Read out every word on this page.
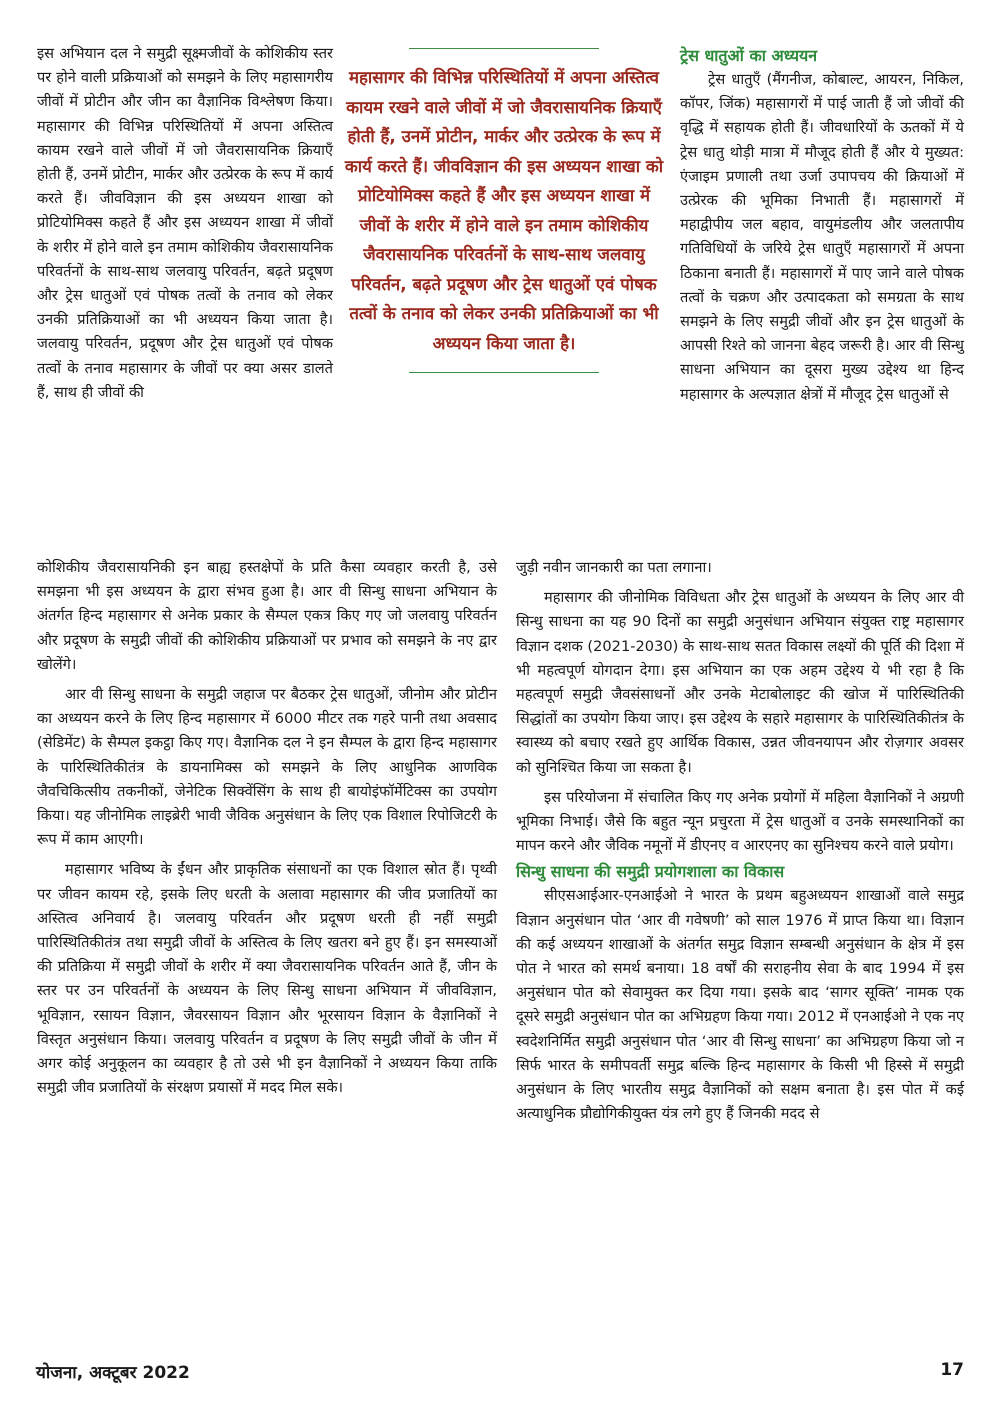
इस अभियान दल ने समुद्री सूक्ष्मजीवों के कोशिकीय स्तर पर होने वाली प्रक्रियाओं को समझने के लिए महासागरीय जीवों में प्रोटीन और जीन का वैज्ञानिक विश्लेषण किया। महासागर की विभिन्न परिस्थितियों में अपना अस्तित्व कायम रखने वाले जीवों में जो जैवरासायनिक क्रियाएँ होती हैं, उनमें प्रोटीन, मार्कर और उत्प्रेरक के रूप में कार्य करते हैं। जीवविज्ञान की इस अध्ययन शाखा को प्रोटियोमिक्स कहते हैं और इस अध्ययन शाखा में जीवों के शरीर में होने वाले इन तमाम कोशिकीय जैवरासायनिक परिवर्तनों के साथ-साथ जलवायु परिवर्तन, बढ़ते प्रदूषण और ट्रेस धातुओं एवं पोषक तत्वों के तनाव को लेकर उनकी प्रतिक्रियाओं का भी अध्ययन किया जाता है। जलवायु परिवर्तन, प्रदूषण और ट्रेस धातुओं एवं पोषक तत्वों के तनाव महासागर के जीवों पर क्या असर डालते हैं, साथ ही जीवों की

महासागर की विभिन्न परिस्थितियों में अपना अस्तित्व कायम रखने वाले जीवों में जो जैवरासायनिक क्रियाएँ होती हैं, उनमें प्रोटीन, मार्कर और उत्प्रेरक के रूप में कार्य करते हैं। जीवविज्ञान की इस अध्ययन शाखा को प्रोटियोमिक्स कहते हैं और इस अध्ययन शाखा में जीवों के शरीर में होने वाले इन तमाम कोशिकीय जैवरासायनिक परिवर्तनों के साथ-साथ जलवायु परिवर्तन, बढ़ते प्रदूषण और ट्रेस धातुओं एवं पोषक तत्वों के तनाव को लेकर उनकी प्रतिक्रियाओं का भी अध्ययन किया जाता है।

ट्रेस धातुओं का अध्ययन

ट्रेस धातुएँ (मैंगनीज, कोबाल्ट, आयरन, निकिल, कॉपर, जिंक) महासागरों में पाई जाती हैं जो जीवों की वृद्धि में सहायक होती हैं। जीवधारियों के ऊतकों में ये ट्रेस धातु थोड़ी मात्रा में मौजूद होती हैं और ये मुख्यत: एंजाइम प्रणाली तथा उर्जा उपापचय की क्रियाओं में उत्प्रेरक की भूमिका निभाती हैं। महासागरों में महाद्वीपीय जल बहाव, वायुमंडलीय और जलतापीय गतिविधियों के जरिये ट्रेस धातुएँ महासागरों में अपना ठिकाना बनाती हैं। महासागरों में पाए जाने वाले पोषक तत्वों के चक्रण और उत्पादकता को समग्रता के साथ समझने के लिए समुद्री जीवों और इन ट्रेस धातुओं के आपसी रिश्ते को जानना बेहद जरूरी है। आर वी सिन्धु साधना अभियान का दूसरा मुख्य उद्देश्य था हिन्द महासागर के अल्पज्ञात क्षेत्रों में मौजूद ट्रेस धातुओं से

कोशिकीय जैवरासायनिकी इन बाह्य हस्तक्षेपों के प्रति कैसा व्यवहार करती है, उसे समझना भी इस अध्ययन के द्वारा संभव हुआ है। आर वी सिन्धु साधना अभियान के अंतर्गत हिन्द महासागर से अनेक प्रकार के सैम्पल एकत्र किए गए जो जलवायु परिवर्तन और प्रदूषण के समुद्री जीवों की कोशिकीय प्रक्रियाओं पर प्रभाव को समझने के नए द्वार खोलेंगे।

आर वी सिन्धु साधना के समुद्री जहाज पर बैठकर ट्रेस धातुओं, जीनोम और प्रोटीन का अध्ययन करने के लिए हिन्द महासागर में 6000 मीटर तक गहरे पानी तथा अवसाद (सेडिमेंट) के सैम्पल इकट्ठा किए गए। वैज्ञानिक दल ने इन सैम्पल के द्वारा हिन्द महासागर के पारिस्थितिकीतंत्र के डायनामिक्स को समझने के लिए आधुनिक आणविक जैवचिकित्सीय तकनीकों, जेनेटिक सिक्वेंसिंग के साथ ही बायोइंफॉर्मेटिक्स का उपयोग किया। यह जीनोमिक लाइब्रेरी भावी जैविक अनुसंधान के लिए एक विशाल रिपोजिटरी के रूप में काम आएगी।

महासागर भविष्य के ईंधन और प्राकृतिक संसाधनों का एक विशाल स्रोत हैं। पृथ्वी पर जीवन कायम रहे, इसके लिए धरती के अलावा महासागर की जीव प्रजातियों का अस्तित्व अनिवार्य है। जलवायु परिवर्तन और प्रदूषण धरती ही नहीं समुद्री पारिस्थितिकीतंत्र तथा समुद्री जीवों के अस्तित्व के लिए खतरा बने हुए हैं। इन समस्याओं की प्रतिक्रिया में समुद्री जीवों के शरीर में क्या जैवरासायनिक परिवर्तन आते हैं, जीन के स्तर पर उन परिवर्तनों के अध्ययन के लिए सिन्धु साधना अभियान में जीवविज्ञान, भूविज्ञान, रसायन विज्ञान, जैवरसायन विज्ञान और भूरसायन विज्ञान के वैज्ञानिकों ने विस्तृत अनुसंधान किया। जलवायु परिवर्तन व प्रदूषण के लिए समुद्री जीवों के जीन में अगर कोई अनुकूलन का व्यवहार है तो उसे भी इन वैज्ञानिकों ने अध्ययन किया ताकि समुद्री जीव प्रजातियों के संरक्षण प्रयासों में मदद मिल सके।

जुड़ी नवीन जानकारी का पता लगाना।

महासागर की जीनोमिक विविधता और ट्रेस धातुओं के अध्ययन के लिए आर वी सिन्धु साधना का यह 90 दिनों का समुद्री अनुसंधान अभियान संयुक्त राष्ट्र महासागर विज्ञान दशक (2021-2030) के साथ-साथ सतत विकास लक्ष्यों की पूर्ति की दिशा में भी महत्वपूर्ण योगदान देगा। इस अभियान का एक अहम उद्देश्य ये भी रहा है कि महत्वपूर्ण समुद्री जैवसंसाधनों और उनके मेटाबोलाइट की खोज में पारिस्थितिकी सिद्धांतों का उपयोग किया जाए। इस उद्देश्य के सहारे महासागर के पारिस्थितिकीतंत्र के स्वास्थ्य को बचाए रखते हुए आर्थिक विकास, उन्नत जीवनयापन और रोज़गार अवसर को सुनिश्चित किया जा सकता है।

इस परियोजना में संचालित किए गए अनेक प्रयोगों में महिला वैज्ञानिकों ने अग्रणी भूमिका निभाई। जैसे कि बहुत न्यून प्रचुरता में ट्रेस धातुओं व उनके समस्थानिकों का मापन करने और जैविक नमूनों में डीएनए व आरएनए का सुनिश्चय करने वाले प्रयोग।

सिन्धु साधना की समुद्री प्रयोगशाला का विकास

सीएसआईआर-एनआईओ ने भारत के प्रथम बहुअध्ययन शाखाओं वाले समुद्र विज्ञान अनुसंधान पोत ‘आर वी गवेषणी’ को साल 1976 में प्राप्त किया था। विज्ञान की कई अध्ययन शाखाओं के अंतर्गत समुद्र विज्ञान सम्बन्धी अनुसंधान के क्षेत्र में इस पोत ने भारत को समर्थ बनाया। 18 वर्षों की सराहनीय सेवा के बाद 1994 में इस अनुसंधान पोत को सेवामुक्त कर दिया गया। इसके बाद ‘सागर सूक्ति’ नामक एक दूसरे समुद्री अनुसंधान पोत का अभिग्रहण किया गया। 2012 में एनआईओ ने एक नए स्वदेशनिर्मित समुद्री अनुसंधान पोत ‘आर वी सिन्धु साधना’ का अभिग्रहण किया जो न सिर्फ भारत के समीपवर्ती समुद्र बल्कि हिन्द महासागर के किसी भी हिस्से में समुद्री अनुसंधान के लिए भारतीय समुद्र वैज्ञानिकों को सक्षम बनाता है। इस पोत में कई अत्याधुनिक प्रौद्योगिकीयुक्त यंत्र लगे हुए हैं जिनकी मदद से

योजना, अक्टूबर 2022	17
